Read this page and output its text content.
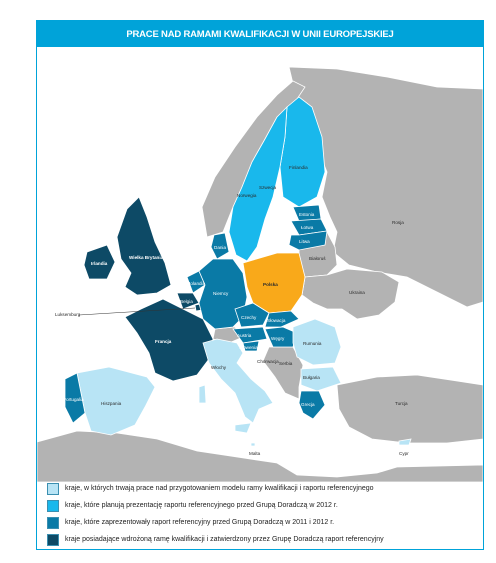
PRACE NAD RAMAMI KWALIFIKACJI W UNII EUROPEJSKIEJ
Norwegia
Szwecja
Finlandia
Rosja
Estonia
Łotwa
Litwa
Białoruś
Ukraina
Polska
Niemcy
Dania
Holandia
Belgia
Luksemburg
Wielka Brytania
Irlandia
Francja
Hiszpania
Portugalia
Włochy
Austria
Czechy
Słowacja
Węgry
Słowenia
Chorwacja
Rumunia
Bułgaria
Serbia
Grecja	Turcja
Malta	Cypr
kraje, w których trwają prace nad przygotowaniem modelu ramy kwalifikacji i raportu referencyjnego
kraje, które planują prezentację raportu referencyjnego przed Grupą Doradczą w 2012 r.
kraje, które zaprezentowały raport referencyjny przed Grupą Doradczą w 2011 i 2012 r.
kraje posiadające wdrożoną ramę kwalifikacji i zatwierdzony przez Grupę Doradczą raport referencyjny
